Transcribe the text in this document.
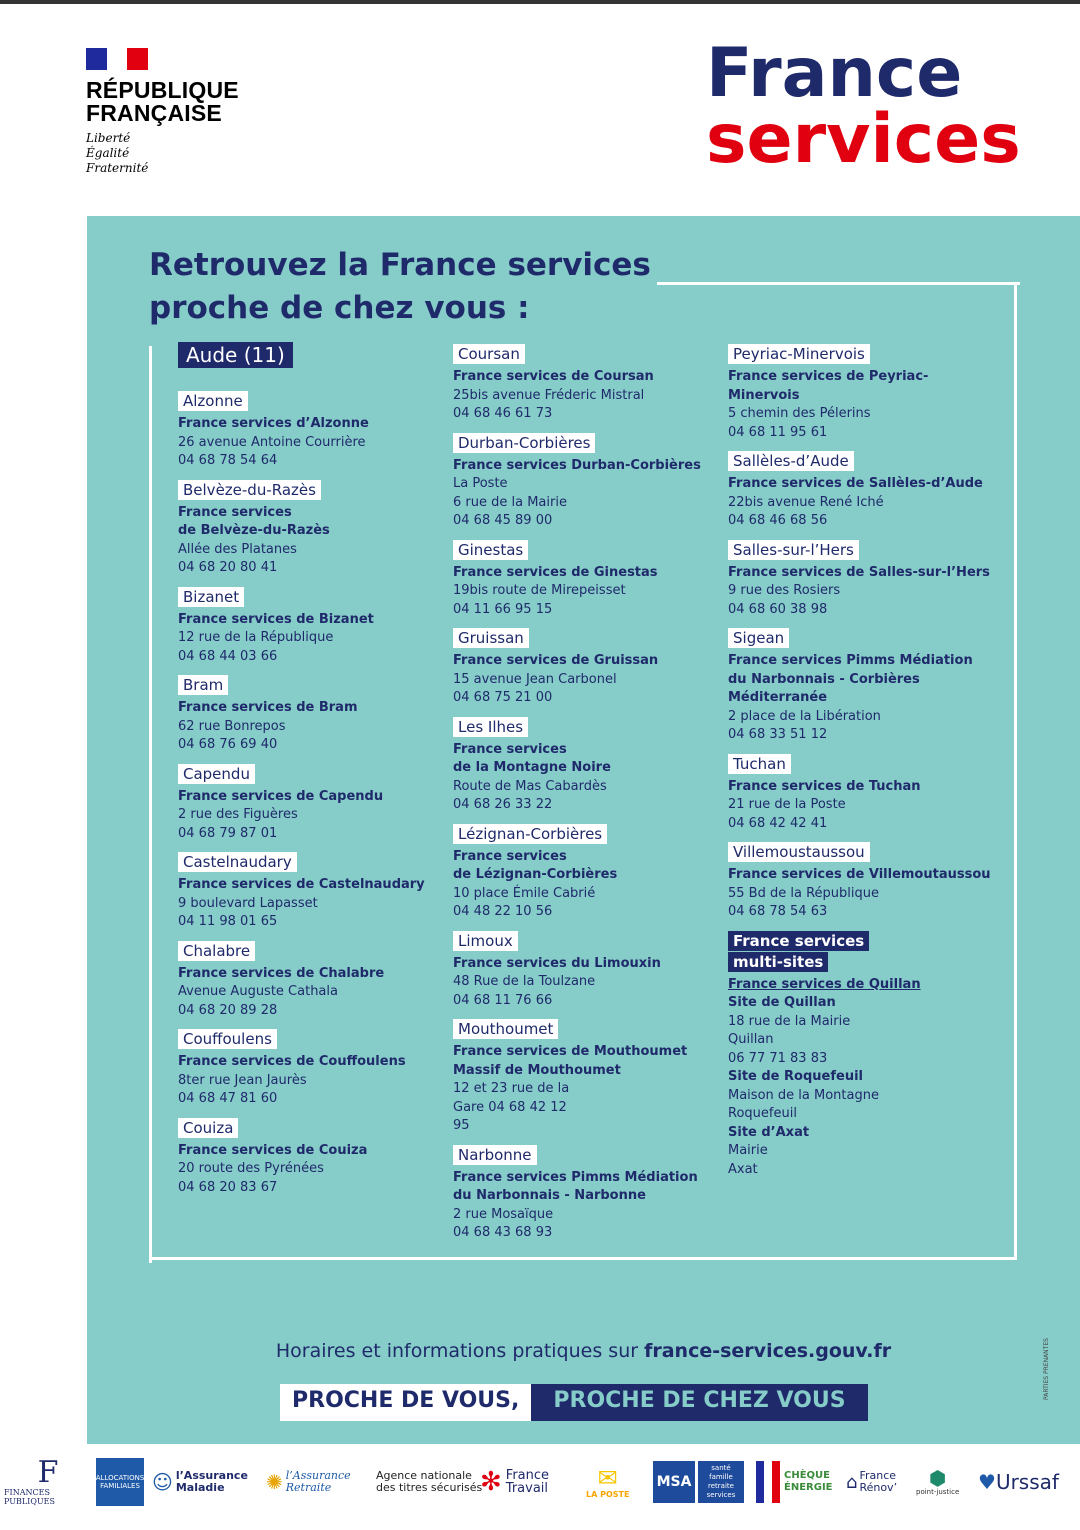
RÉPUBLIQUE
FRANÇAISE
Liberté
Égalité
Fraternité
France
services
Retrouvez la France services
proche de chez vous :
Aude (11)
Alzonne

France services d’Alzonne
26 avenue Antoine Courrière
04 68 78 54 64
Belvèze-du-Razès

France services
de Belvèze-du-Razès
Allée des Platanes
04 68 20 80 41
Bizanet

France services de Bizanet
12 rue de la République
04 68 44 03 66
Bram

France services de Bram
62 rue Bonrepos
04 68 76 69 40
Capendu

France services de Capendu
2 rue des Figuères
04 68 79 87 01
Castelnaudary

France services de Castelnaudary
9 boulevard Lapasset
04 11 98 01 65
Chalabre

France services de Chalabre
Avenue Auguste Cathala
04 68 20 89 28
Couffoulens

France services de Couffoulens
8ter rue Jean Jaurès
04 68 47 81 60
Couiza

France services de Couiza
20 route des Pyrénées
04 68 20 83 67
Coursan

France services de Coursan
25bis avenue Fréderic Mistral
04 68 46 61 73
Durban-Corbières

France services Durban-Corbières
La Poste
6 rue de la Mairie
04 68 45 89 00
Ginestas

France services de Ginestas
19bis route de Mirepeisset
04 11 66 95 15
Gruissan

France services de Gruissan
15 avenue Jean Carbonel
04 68 75 21 00
Les Ilhes

France services
de la Montagne Noire
Route de Mas Cabardès
04 68 26 33 22
Lézignan-Corbières

France services
de Lézignan-Corbières
10 place Émile Cabrié
04 48 22 10 56
Limoux

France services du Limouxin
48 Rue de la Toulzane
04 68 11 76 66
Mouthoumet

France services de Mouthoumet
Massif de Mouthoumet
12 et 23 rue de la
Gare 04 68 42 12
95
Narbonne

France services Pimms Médiation
du Narbonnais - Narbonne
2 rue Mosaïque
04 68 43 68 93
Peyriac-Minervois

France services de Peyriac-
Minervois
5 chemin des Pélerins
04 68 11 95 61
Sallèles-d’Aude

France services de Sallèles-d’Aude
22bis avenue René Iché
04 68 46 68 56
Salles-sur-l’Hers

France services de Salles-sur-l’Hers
9 rue des Rosiers
04 68 60 38 98
Sigean

France services Pimms Médiation
du Narbonnais - Corbières
Méditerranée
2 place de la Libération
04 68 33 51 12
Tuchan

France services de Tuchan
21 rue de la Poste
04 68 42 42 41
Villemoustaussou

France services de Villemoutaussou
55 Bd de la République
04 68 78 54 63
France services
multi-sites
France services de Quillan
Site de Quillan
18 rue de la Mairie
Quillan
06 77 71 83 83
Site de Roquefeuil
Maison de la Montagne
Roquefeuil
Site d’Axat
Mairie
Axat
Horaires et informations pratiques sur france-services.gouv.fr
PROCHE DE VOUS,	PROCHE DE CHEZ VOUS
PARTIES PRENANTES
F
FINANCES PUBLIQUES
ALLOCATIONS FAMILIALES ☺ l’Assurance
Maladie	✺ l’Assurance
Retraite
Agence nationale
des titres sécurisés
✻ France
Travail ✉
LA POSTE
MSA
santé
famille
retraite
services
CHÈQUE
ÉNERGIE ⌂ France
Rénov’ ⬢
point-justice ♥ Urssaf
